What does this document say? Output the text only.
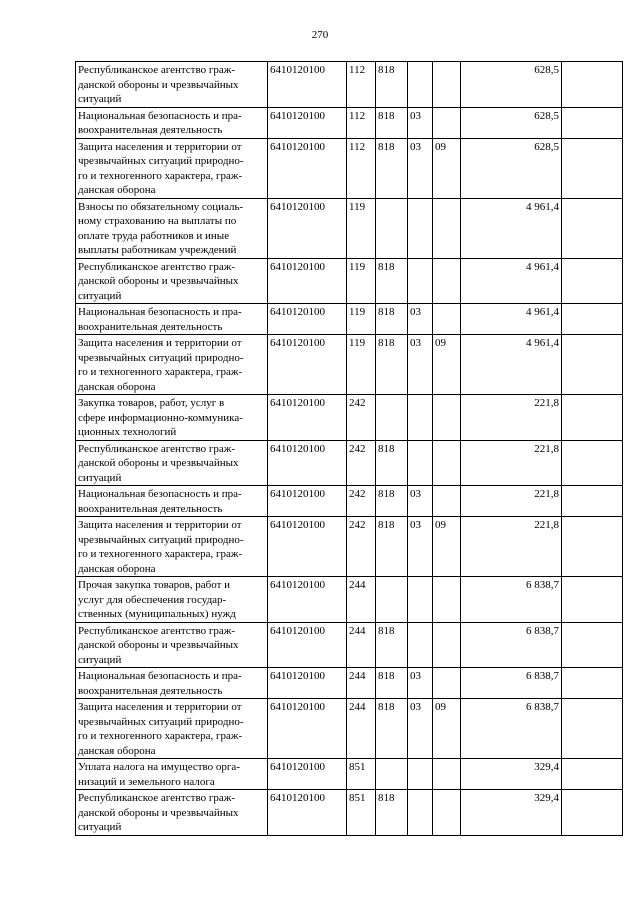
270
Республиканское агентство граж-
данской обороны и чрезвычайных
ситуаций	6410120100	112	818			628,5	
Национальная безопасность и пра-
воохранительная деятельность	6410120100	112	818	03		628,5	
Защита населения и территории от
чрезвычайных ситуаций природно-
го и техногенного характера, граж-
данская оборона	6410120100	112	818	03	09	628,5	
Взносы по обязательному социаль-
ному страхованию на выплаты по
оплате труда работников и иные
выплаты работникам учреждений	6410120100	119				4 961,4	
Республиканское агентство граж-
данской обороны и чрезвычайных
ситуаций	6410120100	119	818			4 961,4	
Национальная безопасность и пра-
воохранительная деятельность	6410120100	119	818	03		4 961,4	
Защита населения и территории от
чрезвычайных ситуаций природно-
го и техногенного характера, граж-
данская оборона	6410120100	119	818	03	09	4 961,4	
Закупка товаров, работ, услуг в
сфере информационно-коммуника-
ционных технологий	6410120100	242				221,8	
Республиканское агентство граж-
данской обороны и чрезвычайных
ситуаций	6410120100	242	818			221,8	
Национальная безопасность и пра-
воохранительная деятельность	6410120100	242	818	03		221,8	
Защита населения и территории от
чрезвычайных ситуаций природно-
го и техногенного характера, граж-
данская оборона	6410120100	242	818	03	09	221,8	
Прочая закупка товаров, работ и
услуг для обеспечения государ-
ственных (муниципальных) нужд	6410120100	244				6 838,7	
Республиканское агентство граж-
данской обороны и чрезвычайных
ситуаций	6410120100	244	818			6 838,7	
Национальная безопасность и пра-
воохранительная деятельность	6410120100	244	818	03		6 838,7	
Защита населения и территории от
чрезвычайных ситуаций природно-
го и техногенного характера, граж-
данская оборона	6410120100	244	818	03	09	6 838,7	
Уплата налога на имущество орга-
низаций и земельного налога	6410120100	851				329,4	
Республиканское агентство граж-
данской обороны и чрезвычайных
ситуаций	6410120100	851	818			329,4	
